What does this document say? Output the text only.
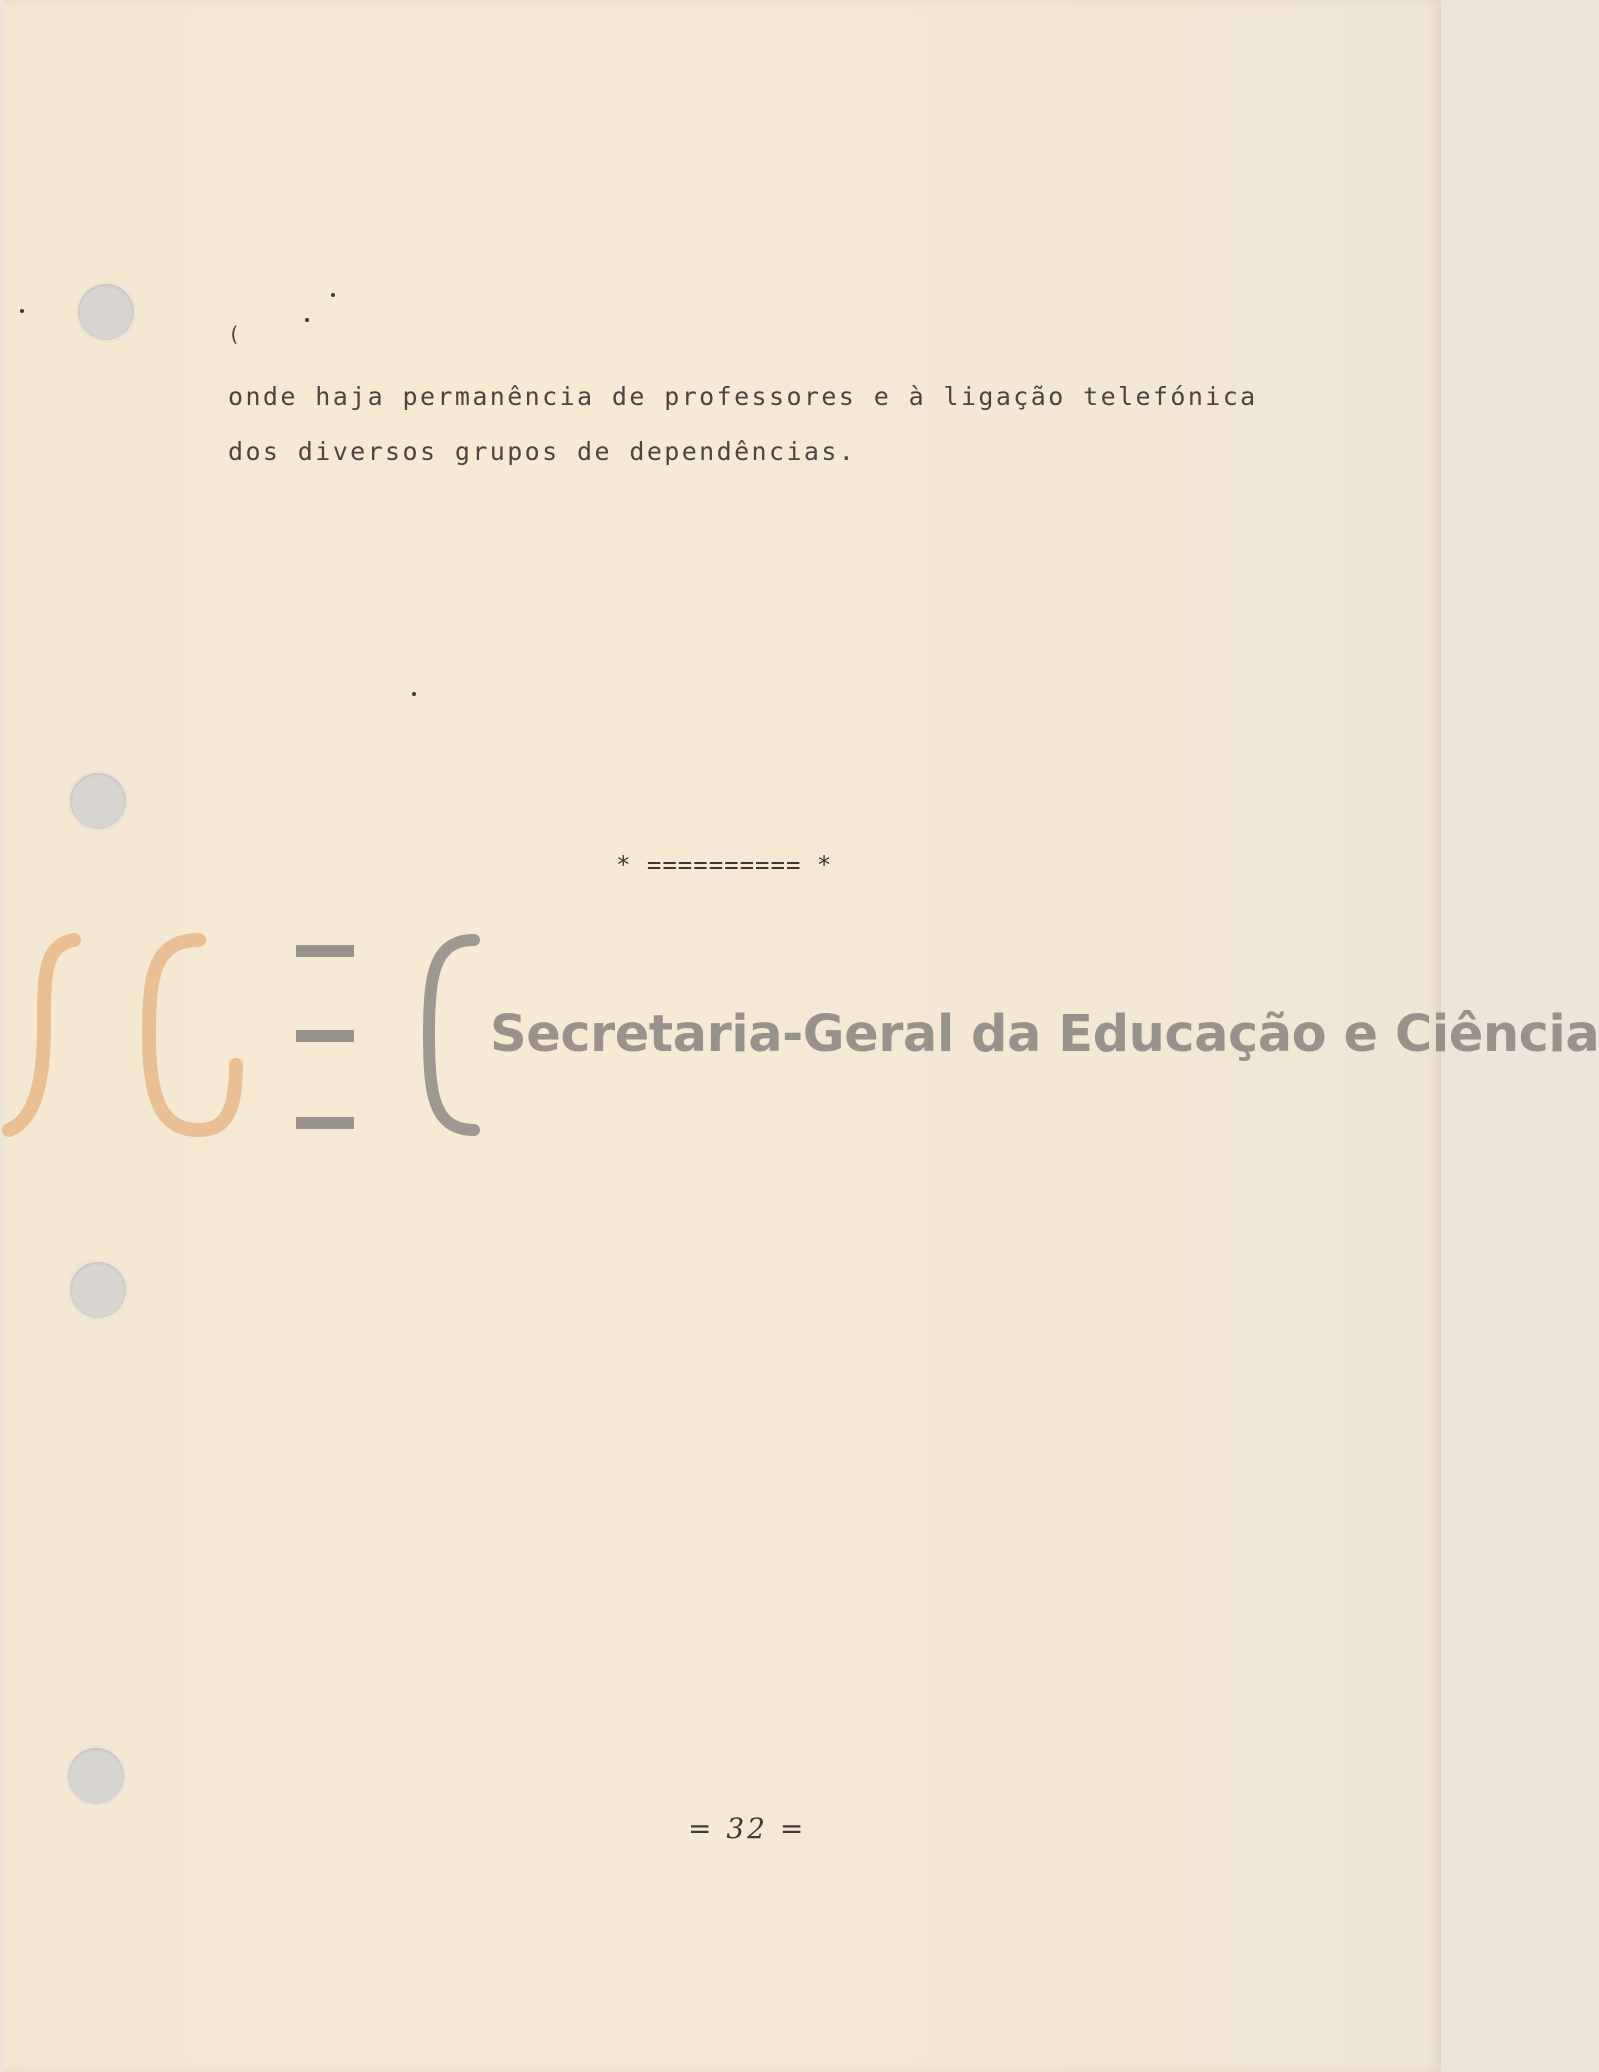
(
onde haja permanência de professores e à ligação telefónica
dos diversos grupos de dependências.
* ========== *
Secretaria-Geral da Educação e Ciência
= 32 =
